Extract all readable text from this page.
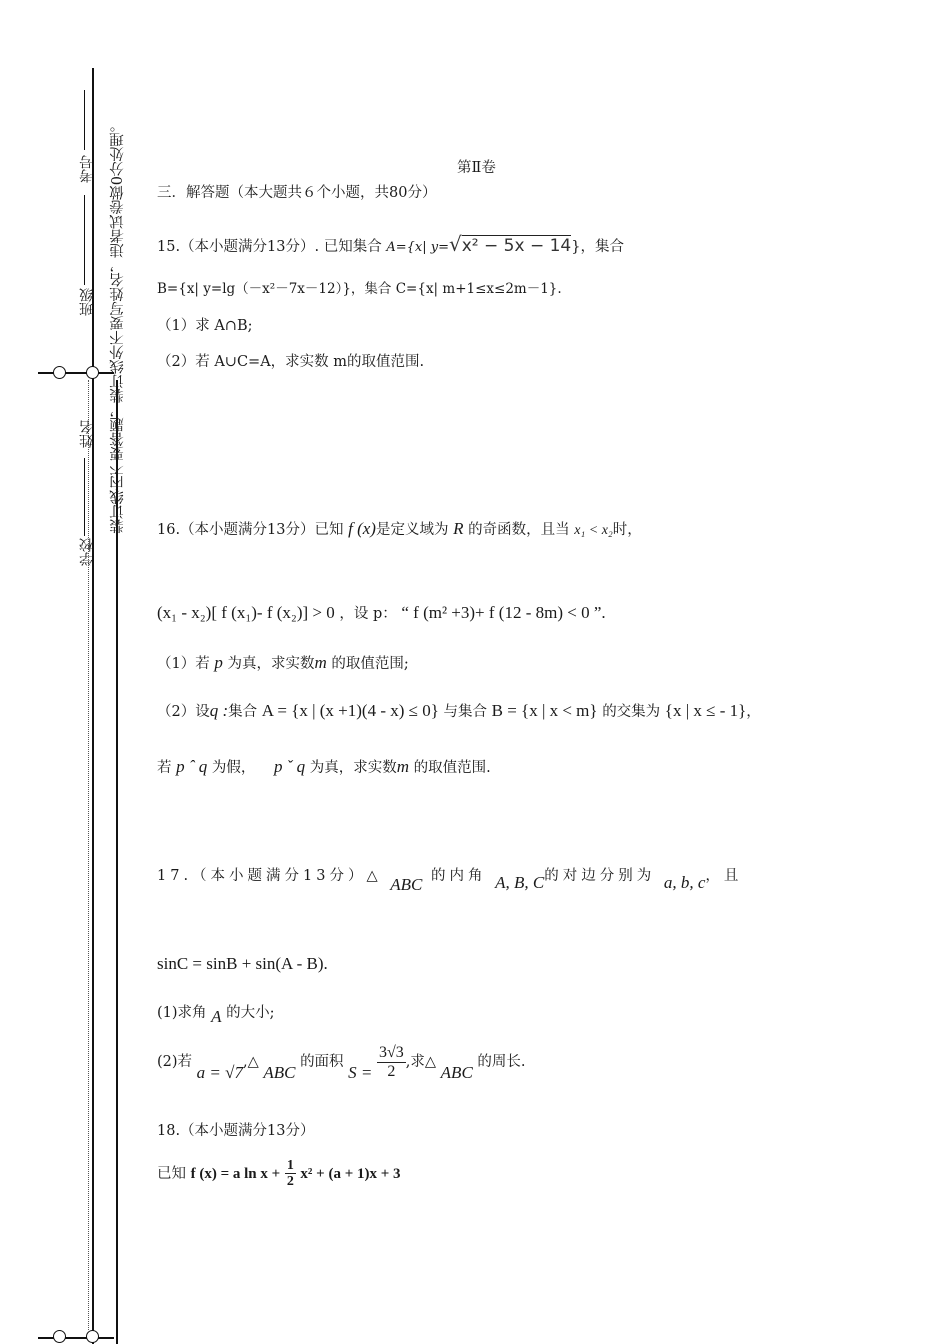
考号
班级
姓名
学校
装订线内不要答题，装订线外不要写姓名，违者试卷做0分处理。	第Ⅱ卷
三．解答题（本大题共６个小题，共80分）
15.（本小题满分13分）. 已知集合 A={x| y=√x² − 5x − 14}，集合
B={x| y=lg（－x²－7x－12）}，集合 C={x| m+1≤x≤2m－1}.
（1）求 A∩B;
（2）若 A∪C=A，求实数 m的取值范围.
16.（本小题满分13分）已知 f (x)是定义域为 R 的奇函数，且当 x₁ < x₂时，
(x₁ - x₂)[ f (x₁)- f (x₂)] > 0 ，设 p： “ f (m² +3)+ f (12 - 8m) < 0 ”.
（1）若 p 为真，求实数m 的取值范围;
（2）设q :集合 A = {x | (x +1)(4 - x) ≤ 0} 与集合 B = {x | x < m} 的交集为 {x | x ≤ - 1}，
若 p ˆ q 为假， p ˇ q 为真，求实数m 的取值范围.
17.（本小题满分13分）△ ABC 的内角 A, B, C的对边分别为 a, b, c，且
sinC = sinB + sin(A - B).
(1)求角 A 的大小;
(2)若 a = √7,△ ABC 的面积 $S = \frac{3√3}{2}$ ,求△ ABC 的周长.
18.（本小题满分13分）
已知 f (x) = a $\ln x + \frac{1}{2} x^2 + (a + 1)x + 3$
